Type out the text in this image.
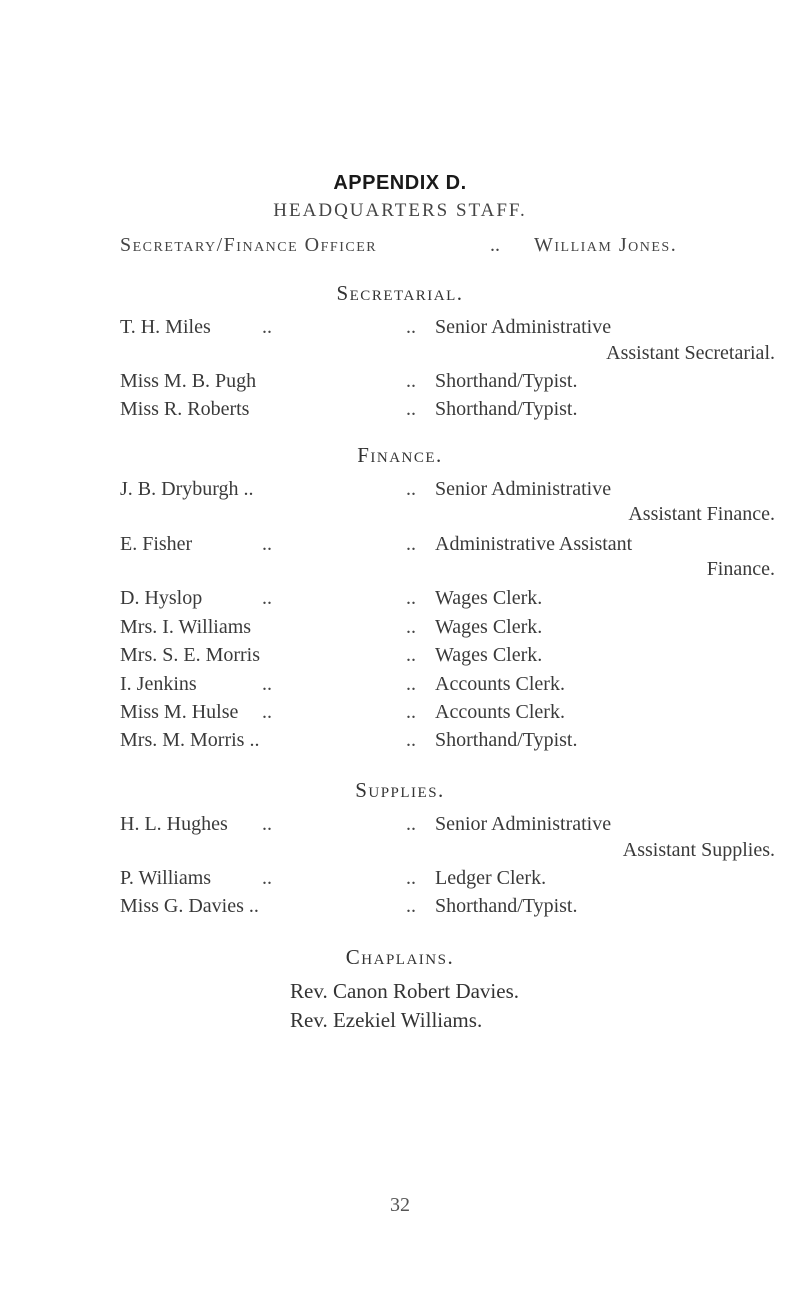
APPENDIX D.
HEADQUARTERS STAFF.
Secretary/Finance Officer	.. William Jones.
Secretarial.
T. H. Miles	..	.. Senior Administrative
Assistant Secretarial.
Miss M. B. Pugh	.. Shorthand/Typist.
Miss R. Roberts	.. Shorthand/Typist.
Finance.
J. B. Dryburgh ..	.. Senior Administrative
Assistant Finance.
E. Fisher	..	.. Administrative Assistant
Finance.
D. Hyslop	..	.. Wages Clerk.
Mrs. I. Williams	.. Wages Clerk.
Mrs. S. E. Morris	.. Wages Clerk.
I. Jenkins	..	.. Accounts Clerk.
Miss M. Hulse ..	.. Accounts Clerk.
Mrs. M. Morris ..	.. Shorthand/Typist.
Supplies.
H. L. Hughes ..	.. Senior Administrative
Assistant Supplies.
P. Williams	..	.. Ledger Clerk.
Miss G. Davies ..	.. Shorthand/Typist.
Chaplains.
Rev. Canon Robert Davies.
Rev. Ezekiel Williams.
32
